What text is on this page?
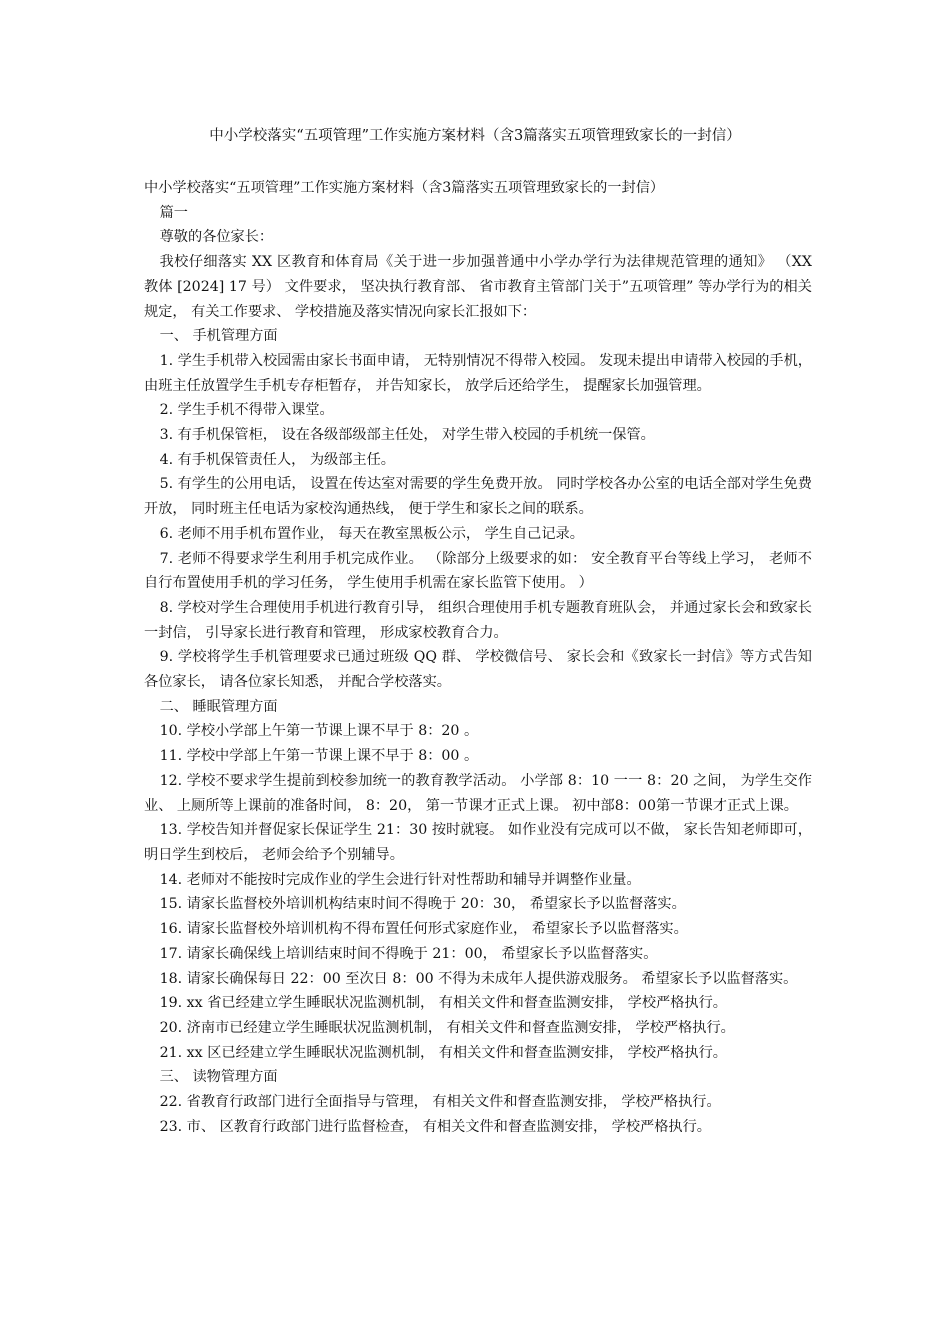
中小学校落实“五项管理”工作实施方案材料（含3篇落实五项管理致家长的一封信）

中小学校落实“五项管理”工作实施方案材料（含3篇落实五项管理致家长的一封信）

篇一

尊敬的各位家长：

我校仔细落实 XX 区教育和体育局《关于进一步加强普通中小学办学行为法律规范管理的通知》 （XX 教体 [2024] 17 号） 文件要求， 坚决执行教育部、 省市教育主管部门关于”五项管理” 等办学行为的相关规定， 有关工作要求、 学校措施及落实情况向家长汇报如下：

一、 手机管理方面

1. 学生手机带入校园需由家长书面申请， 无特别情况不得带入校园。 发现未提出申请带入校园的手机， 由班主任放置学生手机专存柜暂存， 并告知家长， 放学后还给学生， 提醒家长加强管理。

2. 学生手机不得带入课堂。

3. 有手机保管柜， 设在各级部级部主任处， 对学生带入校园的手机统一保管。

4. 有手机保管责任人， 为级部主任。

5. 有学生的公用电话， 设置在传达室对需要的学生免费开放。 同时学校各办公室的电话全部对学生免费开放， 同时班主任电话为家校沟通热线， 便于学生和家长之间的联系。

6. 老师不用手机布置作业， 每天在教室黑板公示， 学生自己记录。

7. 老师不得要求学生利用手机完成作业。 （除部分上级要求的如： 安全教育平台等线上学习， 老师不自行布置使用手机的学习任务， 学生使用手机需在家长监管下使用。 ）

8. 学校对学生合理使用手机进行教育引导， 组织合理使用手机专题教育班队会， 并通过家长会和致家长一封信， 引导家长进行教育和管理， 形成家校教育合力。

9. 学校将学生手机管理要求已通过班级 QQ 群、 学校微信号、 家长会和《致家长一封信》等方式告知各位家长， 请各位家长知悉， 并配合学校落实。

二、 睡眠管理方面

10. 学校小学部上午第一节课上课不早于 8：20 。

11. 学校中学部上午第一节课上课不早于 8：00 。

12. 学校不要求学生提前到校参加统一的教育教学活动。 小学部 8：10 一一 8：20 之间， 为学生交作业、 上厕所等上课前的准备时间， 8：20， 第一节课才正式上课。 初中部8：00第一节课才正式上课。

13. 学校告知并督促家长保证学生 21：30 按时就寝。 如作业没有完成可以不做， 家长告知老师即可， 明日学生到校后， 老师会给予个别辅导。

14. 老师对不能按时完成作业的学生会进行针对性帮助和辅导并调整作业量。

15. 请家长监督校外培训机构结束时间不得晚于 20：30， 希望家长予以监督落实。

16. 请家长监督校外培训机构不得布置任何形式家庭作业， 希望家长予以监督落实。

17. 请家长确保线上培训结束时间不得晚于 21：00， 希望家长予以监督落实。

18. 请家长确保每日 22：00 至次日 8：00 不得为未成年人提供游戏服务。 希望家长予以监督落实。

19. xx 省已经建立学生睡眠状况监测机制， 有相关文件和督查监测安排， 学校严格执行。

20. 济南市已经建立学生睡眠状况监测机制， 有相关文件和督查监测安排， 学校严格执行。

21. xx 区已经建立学生睡眠状况监测机制， 有相关文件和督查监测安排， 学校严格执行。

三、 读物管理方面

22. 省教育行政部门进行全面指导与管理， 有相关文件和督查监测安排， 学校严格执行。

23. 市、 区教育行政部门进行监督检查， 有相关文件和督查监测安排， 学校严格执行。
